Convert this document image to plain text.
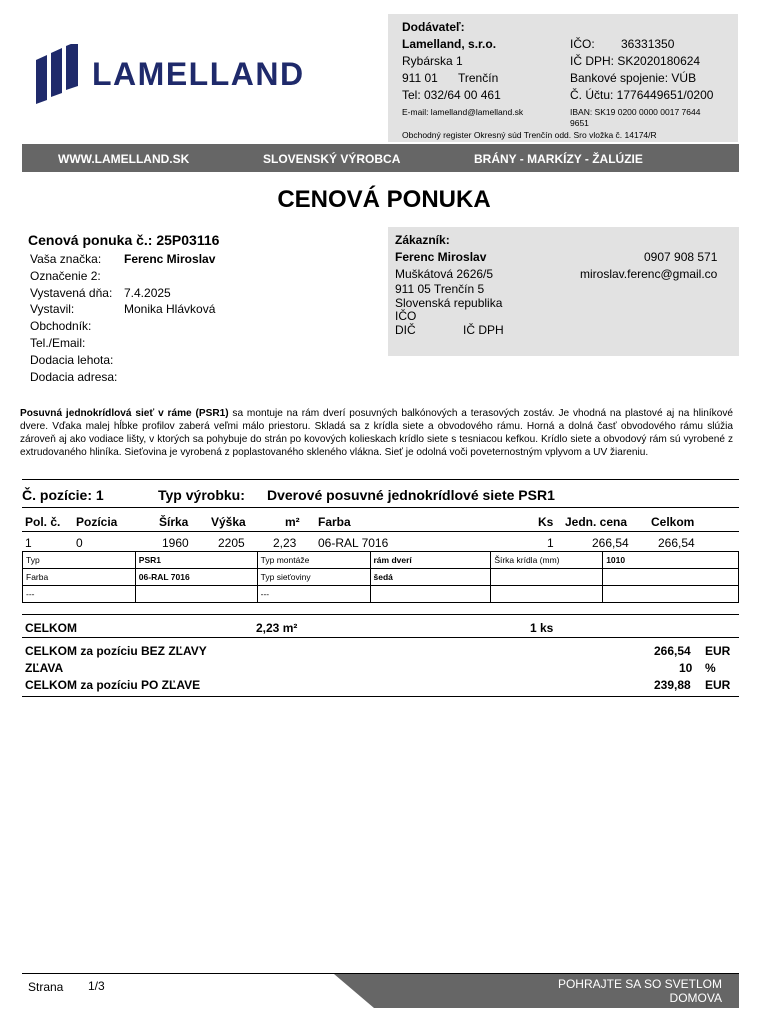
LAMELLAND
Dodávateľ:
Lamelland, s.r.o.
Rybárska 1
911 01 Trenčín
Tel: 032/64 00 461
E-mail: lamelland@lamelland.sk
IČO: 36331350
IČ DPH: SK2020180624
Bankové spojenie: VÚB
Č. Účtu: 1776449651/0200
IBAN: SK19 0200 0000 0017 7644
9651
Obchodný register Okresný súd Trenčín odd. Sro vložka č. 14174/R
WWW.LAMELLAND.SK	SLOVENSKÝ VÝROBCA	BRÁNY - MARKÍZY - ŽALÚZIE
CENOVÁ PONUKA
Cenová ponuka č.: 25P03116
Vaša značka:	Ferenc Miroslav
Označenie 2:
Vystavená dňa: 7.4.2025
Vystavil:	Monika Hlávková
Obchodník:
Tel./Email:
Dodacia lehota:
Dodacia adresa:
Zákazník:
Ferenc Miroslav	0907 908 571
Muškátová 2626/5	miroslav.ferenc@gmail.co
911 05 Trenčín 5
Slovenská republika
IČO
DIČ	IČ DPH
Posuvná jednokrídlová sieť v ráme (PSR1) sa montuje na rám dverí posuvných balkónových a terasových zostáv. Je vhodná na plastové aj na hliníkové dvere. Vďaka malej hĺbke profilov zaberá veľmi málo priestoru. Skladá sa z krídla siete a obvodového rámu. Horná a dolná časť obvodového rámu slúžia zároveň aj ako vodiace lišty, v ktorých sa pohybuje do strán po kovových kolieskach krídlo siete s tesniacou kefkou. Krídlo siete a obvodový rám sú vyrobené z extrudovaného hliníka. Sieťovina je vyrobená z poplastovaného skleného vlákna. Sieť je odolná voči poveternostným vplyvom a UV žiareniu.
Č. pozície: 1	Typ výrobku: Dverové posuvné jednokrídlové siete PSR1
Pol. č. Pozícia	Šírka Výška	m² Farba	Ks Jedn. cena Celkom
1	0	1960 2205 2,23 06-RAL 7016	1	266,54 266,54
Typ	PSR1	Typ montáže	rám dverí	Šírka krídla (mm)	1010
Farba	06-RAL 7016	Typ sieťoviny	šedá		
---		---			
CELKOM	2,23 m²	1 ks
CELKOM za pozíciu BEZ ZĽAVY	266,54 EUR
ZĽAVA	10 %
CELKOM za pozíciu PO ZĽAVE	239,88 EUR
Strana 1/3	POHRAJTE SA SO SVETLOM
DOMOVA
